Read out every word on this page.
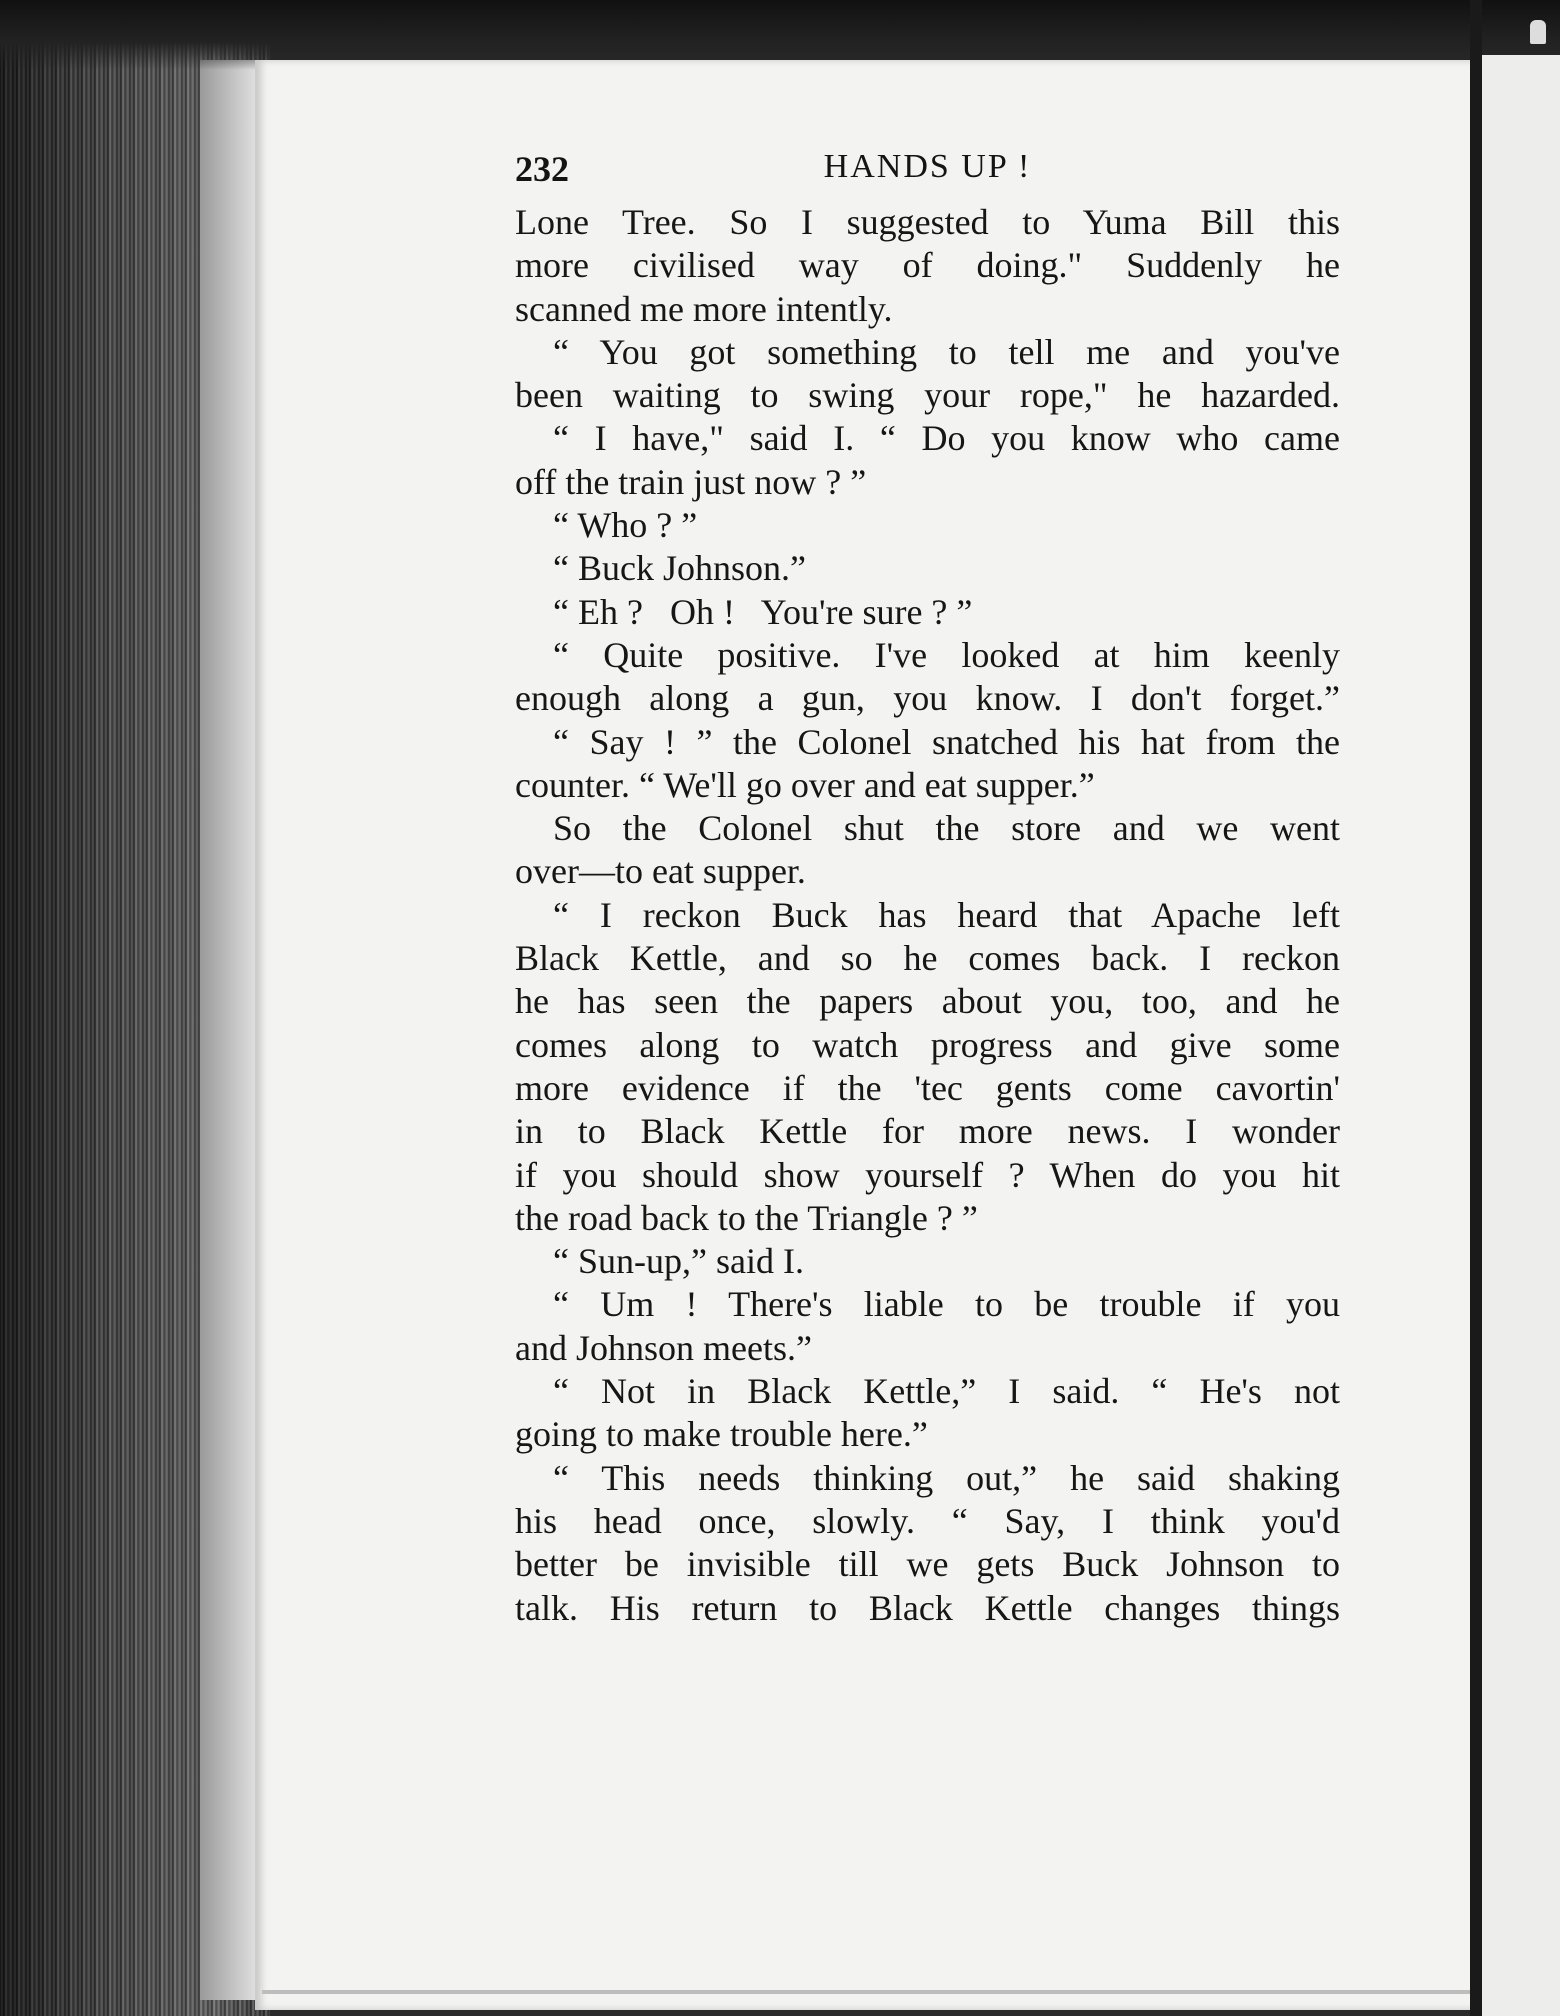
232	HANDS UP !
Lone Tree. So I suggested to Yuma Bill this
more civilised way of doing." Suddenly he
scanned me more intently.
“ You got something to tell me and you've
been waiting to swing your rope," he hazarded.
“ I have," said I. “ Do you know who came
off the train just now ? ”
“ Who ? ”
“ Buck Johnson.”
“ Eh ?   Oh !   You're sure ? ”
“ Quite positive. I've looked at him keenly
enough along a gun, you know. I don't forget.”
“ Say ! ” the Colonel snatched his hat from the
counter. “ We'll go over and eat supper.”
So the Colonel shut the store and we went
over—to eat supper.
“ I reckon Buck has heard that Apache left
Black Kettle, and so he comes back. I reckon
he has seen the papers about you, too, and he
comes along to watch progress and give some
more evidence if the 'tec gents come cavortin'
in to Black Kettle for more news. I wonder
if you should show yourself ? When do you hit
the road back to the Triangle ? ”
“ Sun-up,” said I.
“ Um ! There's liable to be trouble if you
and Johnson meets.”
“ Not in Black Kettle,” I said. “ He's not
going to make trouble here.”
“ This needs thinking out,” he said shaking
his head once, slowly. “ Say, I think you'd
better be invisible till we gets Buck Johnson to
talk. His return to Black Kettle changes things
